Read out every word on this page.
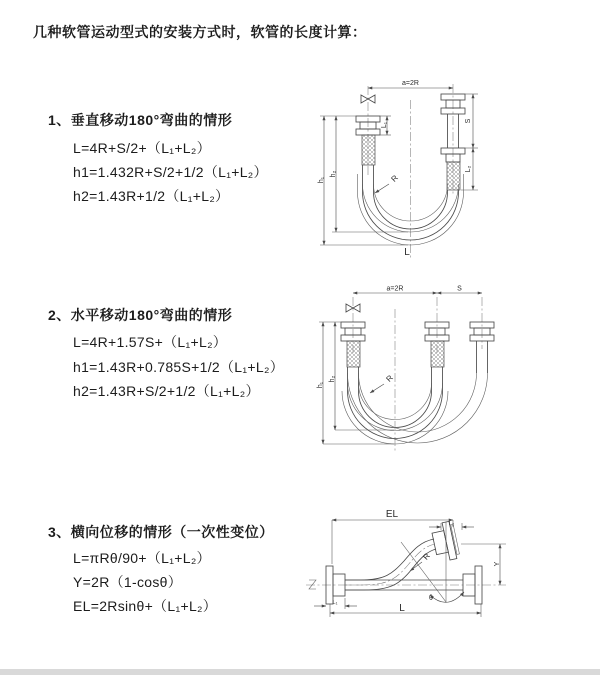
几种软管运动型式的安装方式时，软管的长度计算：
1、垂直移动180°弯曲的情形
L=4R+S/2+（L₁+L₂）
h1=1.432R+S/2+1/2（L₁+L₂）
h2=1.43R+1/2（L₁+L₂）
2、水平移动180°弯曲的情形
L=4R+1.57S+（L₁+L₂）
h1=1.43R+0.785S+1/2（L₁+L₂）
h2=1.43R+S/2+1/2（L₁+L₂）
3、横向位移的情形（一次性变位）
L=πRθ/90+（L₁+L₂）
Y=2R（1-cosθ）
EL=2Rsinθ+（L₁+L₂）
a=2R
S
L₂
L₁
h₁
h₂	R
L
a=2R	S
h₁
h₂	R
EL
L₂
Y
R
θ
L
L₁
